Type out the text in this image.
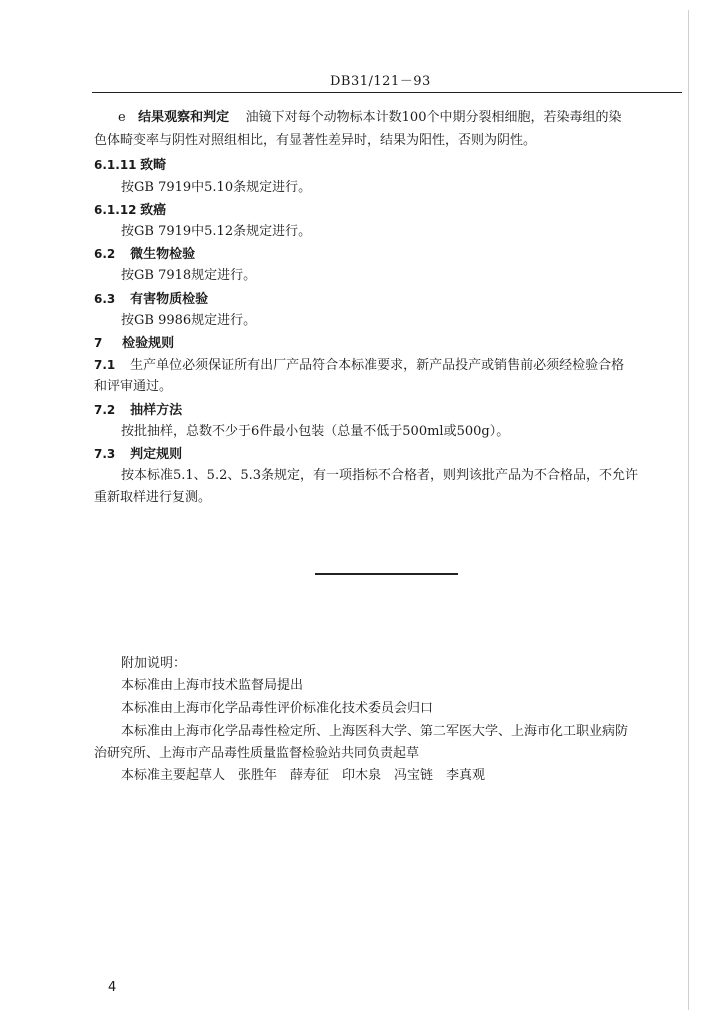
DB31/121－93
e 结果观察和判定 油镜下对每个动物标本计数100个中期分裂相细胞，若染毒组的染
色体畸变率与阴性对照组相比，有显著性差异时，结果为阳性，否则为阴性。
6.1.11 致畸
按GB 7919中5.10条规定进行。
6.1.12 致癌
按GB 7919中5.12条规定进行。
6.2 微生物检验
按GB 7918规定进行。
6.3 有害物质检验
按GB 9986规定进行。
7 检验规则
7.1 生产单位必须保证所有出厂产品符合本标准要求，新产品投产或销售前必须经检验合格
和评审通过。
7.2 抽样方法
按批抽样，总数不少于6件最小包装（总量不低于500ml或500g）。
7.3 判定规则
按本标准5.1、5.2、5.3条规定，有一项指标不合格者，则判该批产品为不合格品，不允许
重新取样进行复测。
附加说明：
本标准由上海市技术监督局提出
本标准由上海市化学品毒性评价标准化技术委员会归口
本标准由上海市化学品毒性检定所、上海医科大学、第二军医大学、上海市化工职业病防
治研究所、上海市产品毒性质量监督检验站共同负责起草
本标准主要起草人　张胜年　薛寿征　印木泉　冯宝链　李真观
4
